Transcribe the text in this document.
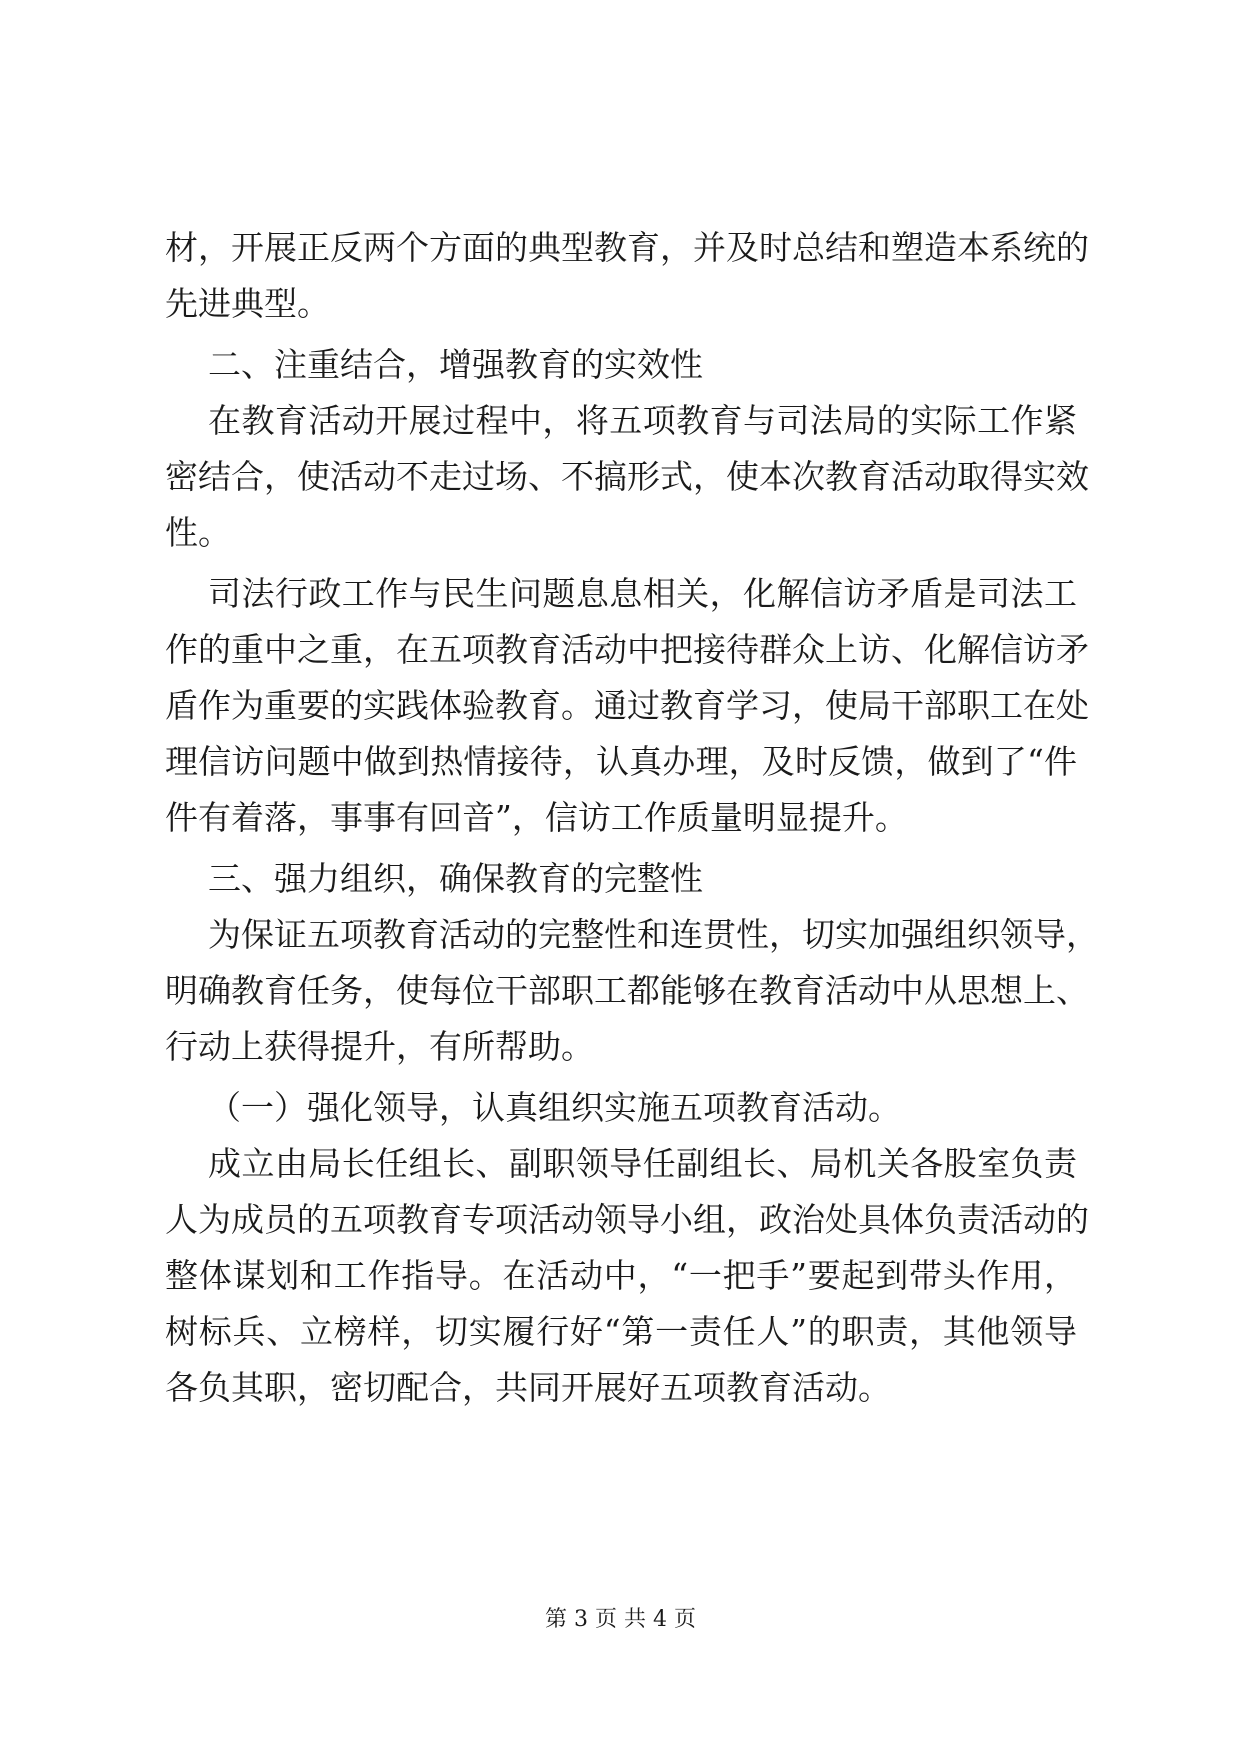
材，开展正反两个方面的典型教育，并及时总结和塑造本系统的
先进典型。
二、注重结合，增强教育的实效性
在教育活动开展过程中，将五项教育与司法局的实际工作紧
密结合，使活动不走过场、不搞形式，使本次教育活动取得实效
性。
司法行政工作与民生问题息息相关，化解信访矛盾是司法工
作的重中之重，在五项教育活动中把接待群众上访、化解信访矛
盾作为重要的实践体验教育。通过教育学习，使局干部职工在处
理信访问题中做到热情接待，认真办理，及时反馈，做到了“件
件有着落，事事有回音”，信访工作质量明显提升。
三、强力组织，确保教育的完整性
为保证五项教育活动的完整性和连贯性，切实加强组织领导，
明确教育任务，使每位干部职工都能够在教育活动中从思想上、
行动上获得提升，有所帮助。
（一）强化领导，认真组织实施五项教育活动。
成立由局长任组长、副职领导任副组长、局机关各股室负责
人为成员的五项教育专项活动领导小组，政治处具体负责活动的
整体谋划和工作指导。在活动中，“一把手”要起到带头作用，
树标兵、立榜样，切实履行好“第一责任人”的职责，其他领导
各负其职，密切配合，共同开展好五项教育活动。
第 3 页 共 4 页
